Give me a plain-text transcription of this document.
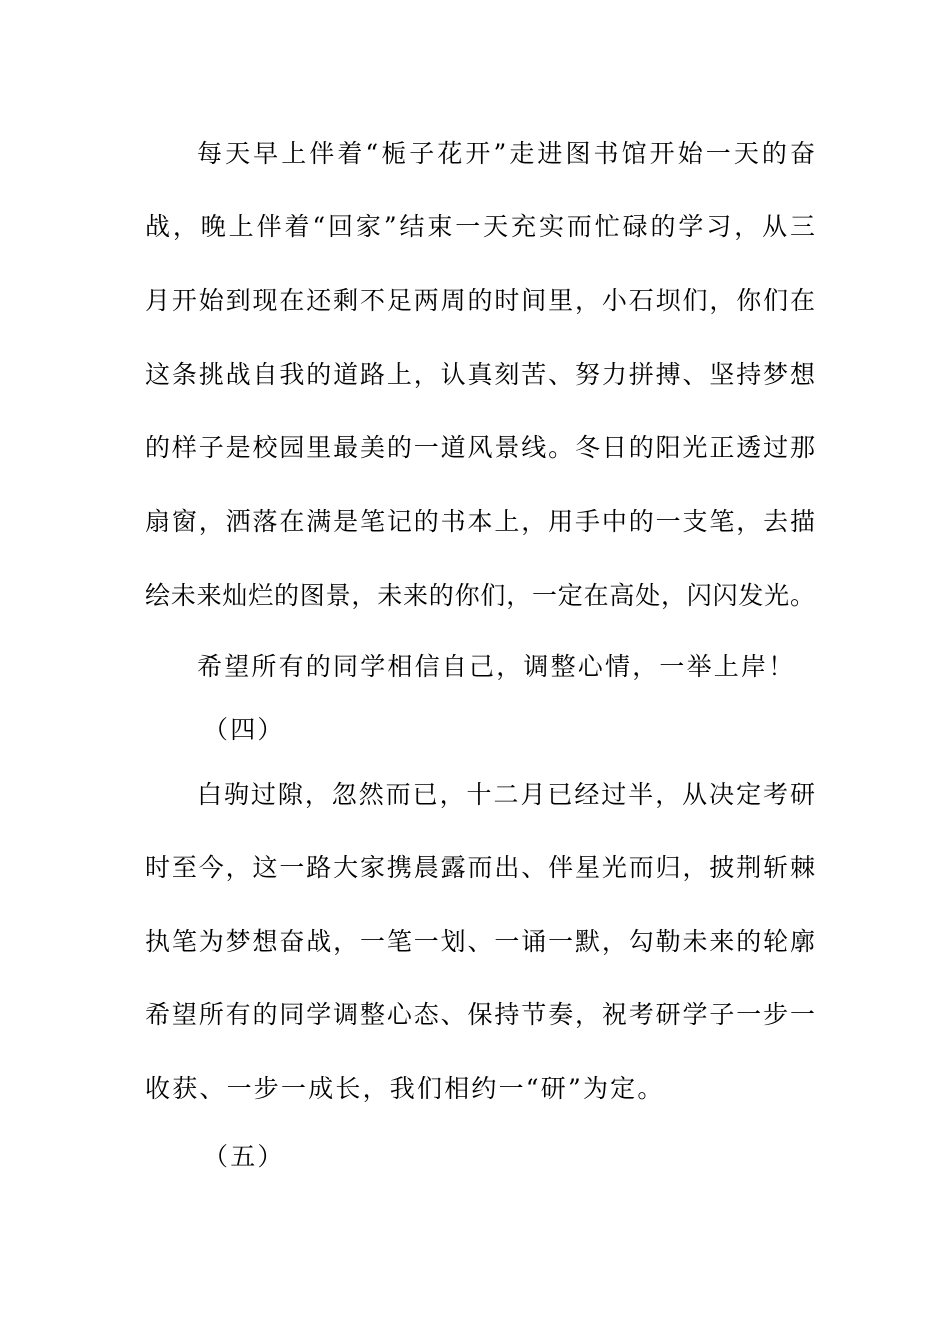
每天早上伴着“栀子花开”走进图书馆开始一天的奋
战，晚上伴着“回家”结束一天充实而忙碌的学习，从三
月开始到现在还剩不足两周的时间里，小石坝们，你们在
这条挑战自我的道路上，认真刻苦、努力拼搏、坚持梦想
的样子是校园里最美的一道风景线。冬日的阳光正透过那
扇窗，洒落在满是笔记的书本上，用手中的一支笔，去描
绘未来灿烂的图景，未来的你们，一定在高处，闪闪发光。
希望所有的同学相信自己，调整心情，一举上岸！
（四）
白驹过隙，忽然而已，十二月已经过半，从决定考研
时至今，这一路大家携晨露而出、伴星光而归，披荆斩棘
执笔为梦想奋战，一笔一划、一诵一默，勾勒未来的轮廓
希望所有的同学调整心态、保持节奏，祝考研学子一步一
收获、一步一成长，我们相约一“研”为定。
（五）
